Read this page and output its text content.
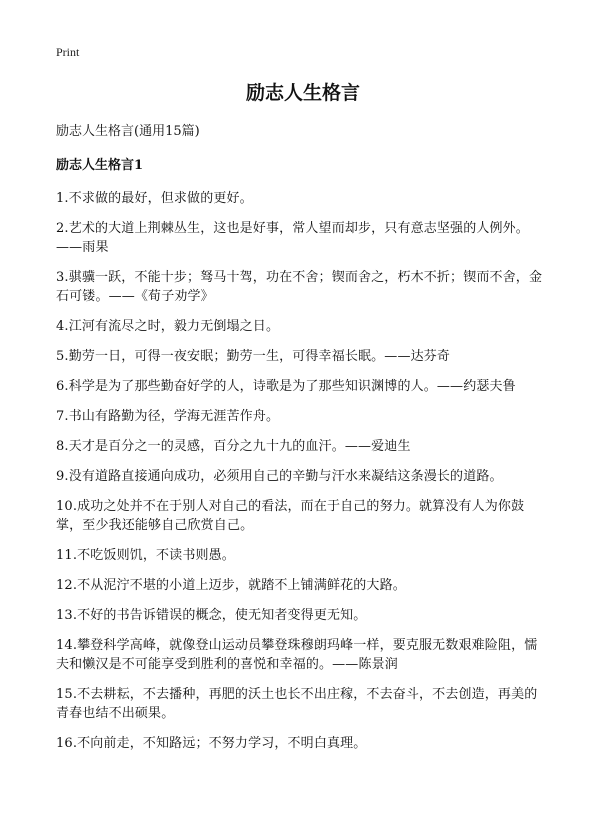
Print
励志人生格言

励志人生格言(通用15篇)

励志人生格言1

1.不求做的最好，但求做的更好。

2.艺术的大道上荆棘丛生，这也是好事，常人望而却步，只有意志坚强的人例外。——雨果

3.骐骥一跃，不能十步；驽马十驾，功在不舍；锲而舍之，朽木不折；锲而不舍，金石可镂。——《荀子劝学》

4.江河有流尽之时，毅力无倒塌之日。

5.勤劳一日，可得一夜安眠；勤劳一生，可得幸福长眠。——达芬奇

6.科学是为了那些勤奋好学的人，诗歌是为了那些知识渊博的人。——约瑟夫鲁

7.书山有路勤为径，学海无涯苦作舟。

8.天才是百分之一的灵感，百分之九十九的血汗。——爱迪生

9.没有道路直接通向成功，必须用自己的辛勤与汗水来凝结这条漫长的道路。

10.成功之处并不在于别人对自己的看法，而在于自己的努力。就算没有人为你鼓掌，至少我还能够自己欣赏自己。

11.不吃饭则饥，不读书则愚。

12.不从泥泞不堪的小道上迈步，就踏不上铺满鲜花的大路。

13.不好的书告诉错误的概念，使无知者变得更无知。

14.攀登科学高峰，就像登山运动员攀登珠穆朗玛峰一样，要克服无数艰难险阻，懦夫和懒汉是不可能享受到胜利的喜悦和幸福的。——陈景润

15.不去耕耘，不去播种，再肥的沃土也长不出庄稼，不去奋斗，不去创造，再美的青春也结不出硕果。

16.不向前走，不知路远；不努力学习，不明白真理。
